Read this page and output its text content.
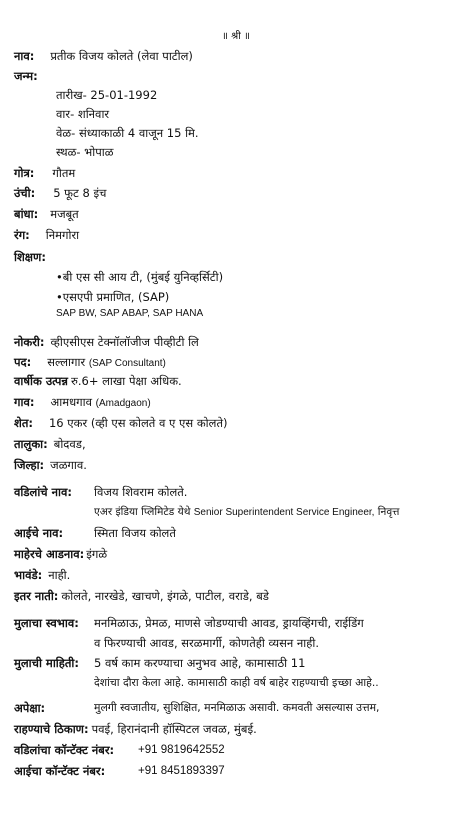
॥ श्री ॥
नाव: प्रतीक विजय कोलते (लेवा पाटील)
जन्म:
तारीख- 25-01-1992
वार- शनिवार
वेळ- संध्याकाळी 4 वाजून 15 मि.
स्थळ- भोपाळ
गोत्र: गौतम
उंची: 5 फूट 8 इंच
बांधा: मजबूत
रंग: निमगोरा
शिक्षण:
•बी एस सी आय टी, (मुंबई युनिव्हर्सिटी)
•एसएपी प्रमाणित, (SAP)
SAP BW, SAP ABAP, SAP HANA
नोकरी: व्हीएसीएस टेक्नॉलॉजीज पीव्हीटी लि
पद: सल्लागार (SAP Consultant)
वार्षीक उत्पन्न रु.6+ लाखा पेक्षा अधिक.
गाव: आमधगाव (Amadgaon)
शेत: 16 एकर (व्ही एस कोलते व ए एस कोलते)
तालुका: बोदवड,
जिल्हा: जळगाव.
वडिलांचे नाव: विजय शिवराम कोलते.
एअर इंडिया प्लिमिटेड येथे Senior Superintendent Service Engineer, निवृत्त
आईचे नाव:	स्मिता विजय कोलते
माहेरचे आडनाव: इंगळे
भावंडे: नाही.
इतर नाती: कोलते, नारखेडे, खाचणे, इंगळे, पाटील, वराडे, बडे
मुलाचा स्वभाव: मनमिळाऊ, प्रेमळ, माणसे जोडण्याची आवड, ड्रायव्हिंगची, राईडिंग
व फिरण्याची आवड, सरळमार्गी, कोणतेही व्यसन नाही.
मुलाची माहिती: 5 वर्ष काम करण्याचा अनुभव आहे, कामासाठी 11
देशांचा दौरा केला आहे. कामासाठी काही वर्ष बाहेर राहण्याची इच्छा आहे..
अपेक्षा:	मुलगी स्वजातीय, सुशिक्षित, मनमिळाऊ असावी. कमवती असल्यास उत्तम,
राहण्याचे ठिकाण: पवई, हिरानंदानी हॉस्पिटल जवळ, मुंबई.
वडिलांचा कॉन्टॅक्ट नंबर: +91 9819642552
आईचा कॉन्टॅक्ट नंबर:	+91 8451893397
